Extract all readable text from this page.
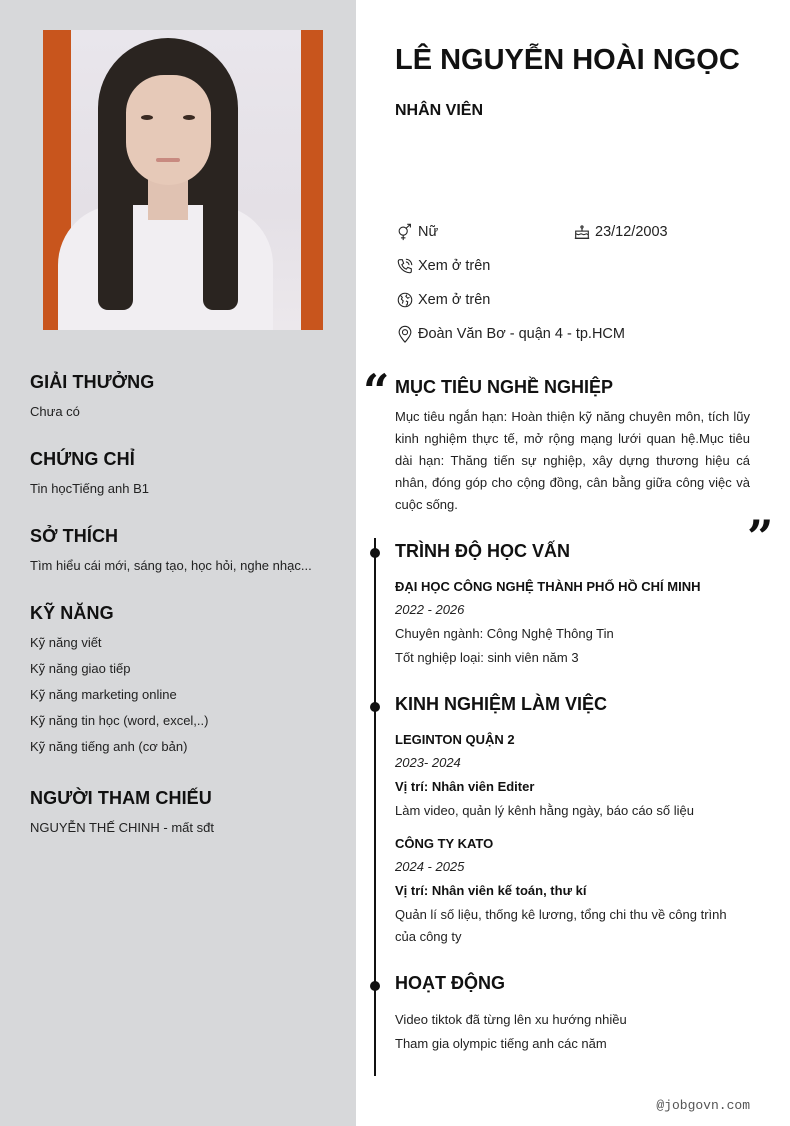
GIẢI THƯỞNG
Chưa có
CHỨNG CHỈ
Tin họcTiếng anh B1
SỞ THÍCH
Tìm hiểu cái mới, sáng tạo, học hỏi, nghe nhạc...
KỸ NĂNG
Kỹ năng viết
Kỹ năng giao tiếp
Kỹ năng marketing online
Kỹ năng tin học (word, excel,..)
Kỹ năng tiếng anh (cơ bản)
NGƯỜI THAM CHIẾU
NGUYỄN THẾ CHINH - mất sđt
LÊ NGUYỄN HOÀI NGỌC
NHÂN VIÊN
Nữ	23/12/2003
Xem ở trên
Xem ở trên
Đoàn Văn Bơ - quận 4 - tp.HCM
“ MỤC TIÊU NGHỀ NGHIỆP
Mục tiêu ngắn hạn: Hoàn thiện kỹ năng chuyên môn, tích lũy kinh nghiệm thực tế, mở rộng mạng lưới quan hệ.Mục tiêu dài hạn: Thăng tiến sự nghiệp, xây dựng thương hiệu cá nhân, đóng góp cho cộng đồng, cân bằng giữa công việc và cuộc sống.
”
TRÌNH ĐỘ HỌC VẤN
ĐẠI HỌC CÔNG NGHỆ THÀNH PHỐ HỒ CHÍ MINH
2022 - 2026
Chuyên ngành: Công Nghệ Thông Tin
Tốt nghiệp loại: sinh viên năm 3
KINH NGHIỆM LÀM VIỆC
LEGINTON QUẬN 2
2023- 2024
Vị trí: Nhân viên Editer
Làm video, quản lý kênh hằng ngày, báo cáo số liệu
CÔNG TY KATO
2024 - 2025
Vị trí: Nhân viên kế toán, thư kí
Quản lí số liệu, thống kê lương, tổng chi thu về công trình của công ty
HOẠT ĐỘNG
Video tiktok đã từng lên xu hướng nhiều
Tham gia olympic tiếng anh các năm
@jobgovn.com
